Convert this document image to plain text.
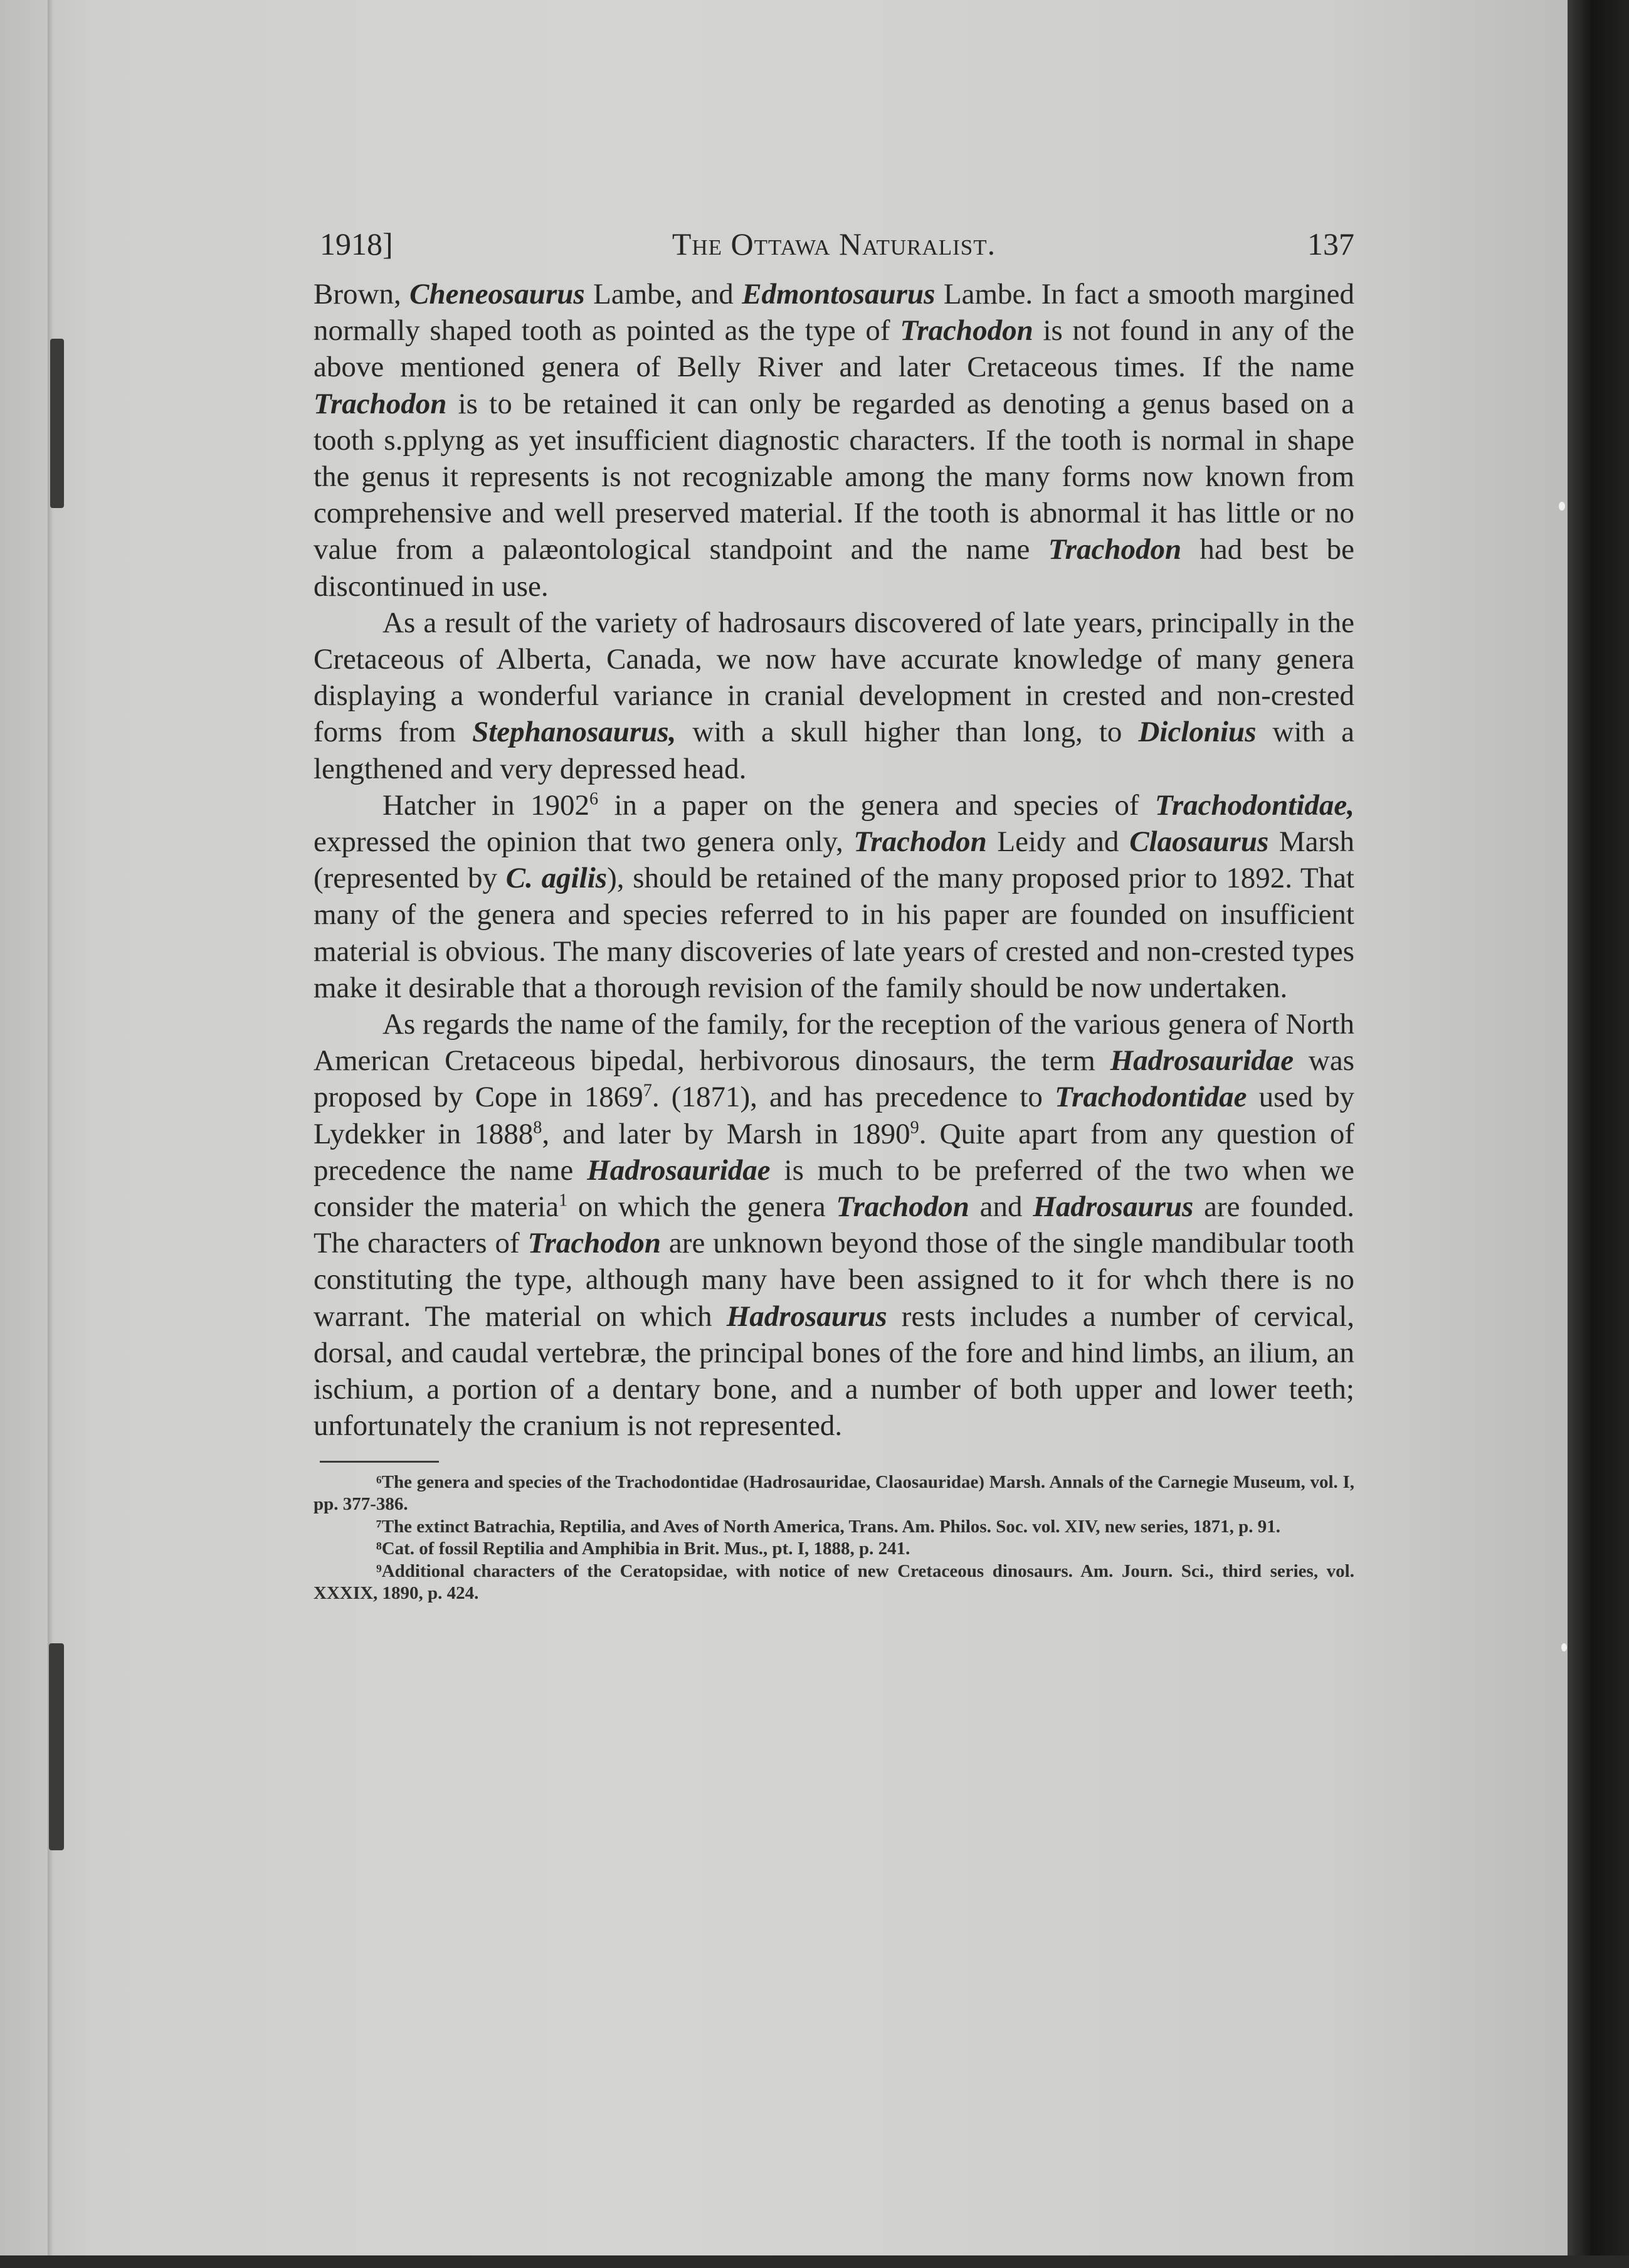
1918]	The Ottawa Naturalist.	137

Brown, Cheneosaurus Lambe, and Edmontosaurus Lambe. In fact a smooth margined normally shaped tooth as pointed as the type of Trachodon is not found in any of the above mentioned genera of Belly River and later Cretaceous times. If the name Trachodon is to be retained it can only be regarded as denoting a genus based on a tooth s.pplyng as yet insufficient diagnostic characters. If the tooth is normal in shape the genus it represents is not recognizable among the many forms now known from comprehensive and well preserved material. If the tooth is abnormal it has little or no value from a palæontological standpoint and the name Trachodon had best be discontinued in use.

As a result of the variety of hadrosaurs discovered of late years, principally in the Cretaceous of Alberta, Canada, we now have accurate knowledge of many genera displaying a wonderful variance in cranial development in crested and non-crested forms from Stephanosaurus, with a skull higher than long, to Diclonius with a lengthened and very depressed head.

Hatcher in 1902$^6$ in a paper on the genera and species of Trachodontidae, expressed the opinion that two genera only, Trachodon Leidy and Claosaurus Marsh (represented by C. agilis), should be retained of the many proposed prior to 1892. That many of the genera and species referred to in his paper are founded on insufficient material is obvious. The many discoveries of late years of crested and non-crested types make it desirable that a thorough revision of the family should be now undertaken.

As regards the name of the family, for the reception of the various genera of North American Cretaceous bipedal, herbivorous dinosaurs, the term Hadrosauridae was proposed by Cope in 1869$^7$. (1871), and has precedence to Trachodontidae used by Lydekker in 1888$^8$, and later by Marsh in 1890$^9$. Quite apart from any question of precedence the name Hadrosauridae is much to be preferred of the two when we consider the materia$^1$ on which the genera Trachodon and Hadrosaurus are founded. The characters of Trachodon are unknown beyond those of the single mandibular tooth constituting the type, although many have been assigned to it for whch there is no warrant. The material on which Hadrosaurus rests includes a number of cervical, dorsal, and caudal vertebræ, the principal bones of the fore and hind limbs, an ilium, an ischium, a portion of a dentary bone, and a number of both upper and lower teeth; unfortunately the cranium is not represented.

⁶The genera and species of the Trachodontidae (Hadrosauridae, Claosauridae) Marsh. Annals of the Carnegie Museum, vol. I, pp. 377-386.

⁷The extinct Batrachia, Reptilia, and Aves of North America, Trans. Am. Philos. Soc. vol. XIV, new series, 1871, p. 91.

⁸Cat. of fossil Reptilia and Amphibia in Brit. Mus., pt. I, 1888, p. 241.

⁹Additional characters of the Ceratopsidae, with notice of new Cretaceous dinosaurs. Am. Journ. Sci., third series, vol. XXXIX, 1890, p. 424.
